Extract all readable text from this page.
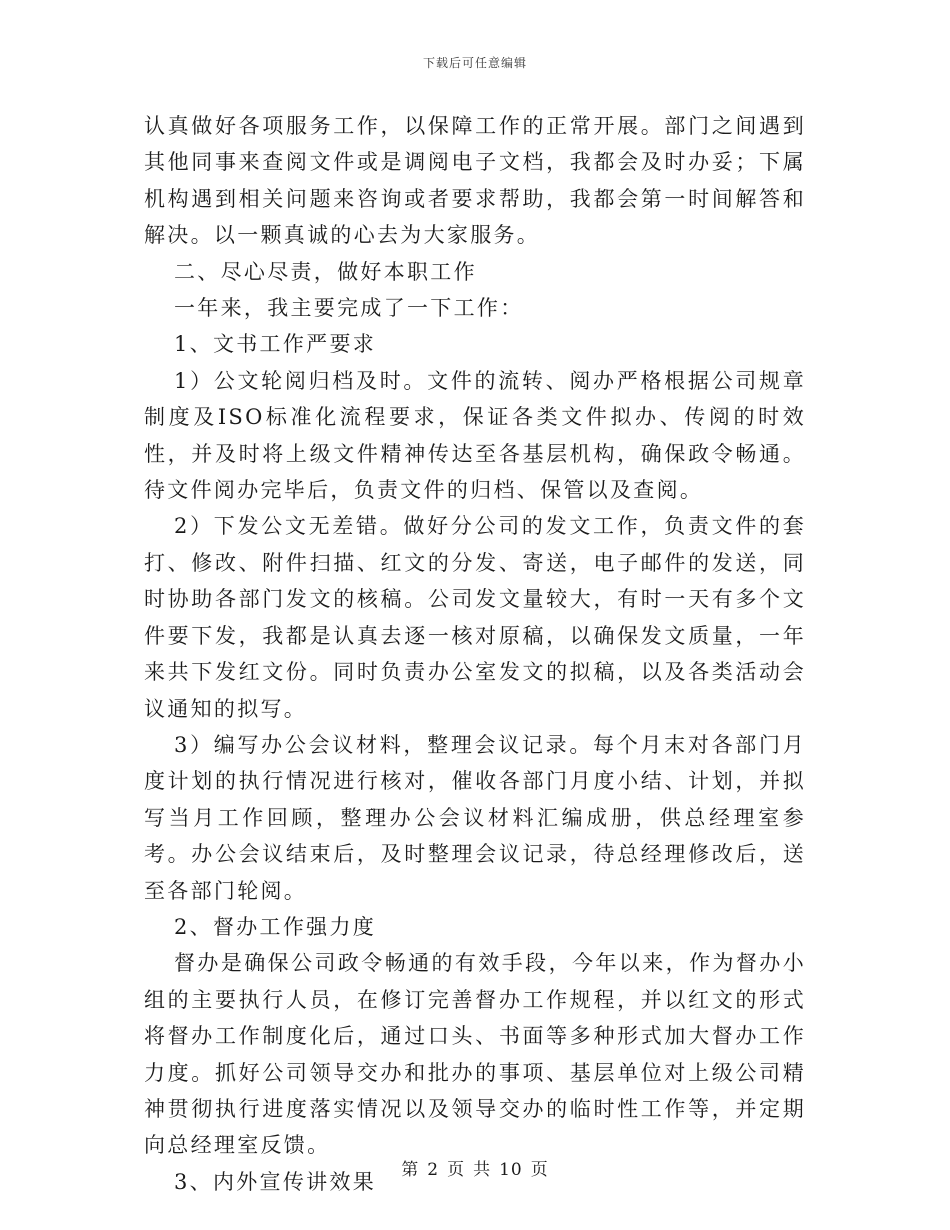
下载后可任意编辑

认真做好各项服务工作，以保障工作的正常开展。部门之间遇到其他同事来查阅文件或是调阅电子文档，我都会及时办妥；下属机构遇到相关问题来咨询或者要求帮助，我都会第一时间解答和解决。以一颗真诚的心去为大家服务。

二、尽心尽责，做好本职工作

一年来，我主要完成了一下工作：

1、文书工作严要求

1）公文轮阅归档及时。文件的流转、阅办严格根据公司规章制度及ISO标准化流程要求，保证各类文件拟办、传阅的时效性，并及时将上级文件精神传达至各基层机构，确保政令畅通。待文件阅办完毕后，负责文件的归档、保管以及查阅。

2）下发公文无差错。做好分公司的发文工作，负责文件的套打、修改、附件扫描、红文的分发、寄送，电子邮件的发送，同时协助各部门发文的核稿。公司发文量较大，有时一天有多个文件要下发，我都是认真去逐一核对原稿，以确保发文质量，一年来共下发红文份。同时负责办公室发文的拟稿，以及各类活动会议通知的拟写。

3）编写办公会议材料，整理会议记录。每个月末对各部门月度计划的执行情况进行核对，催收各部门月度小结、计划，并拟写当月工作回顾，整理办公会议材料汇编成册，供总经理室参考。办公会议结束后，及时整理会议记录，待总经理修改后，送至各部门轮阅。

2、督办工作强力度

督办是确保公司政令畅通的有效手段，今年以来，作为督办小组的主要执行人员，在修订完善督办工作规程，并以红文的形式将督办工作制度化后，通过口头、书面等多种形式加大督办工作力度。抓好公司领导交办和批办的事项、基层单位对上级公司精神贯彻执行进度落实情况以及领导交办的临时性工作等，并定期向总经理室反馈。

3、内外宣传讲效果	第 2 页 共 10 页
